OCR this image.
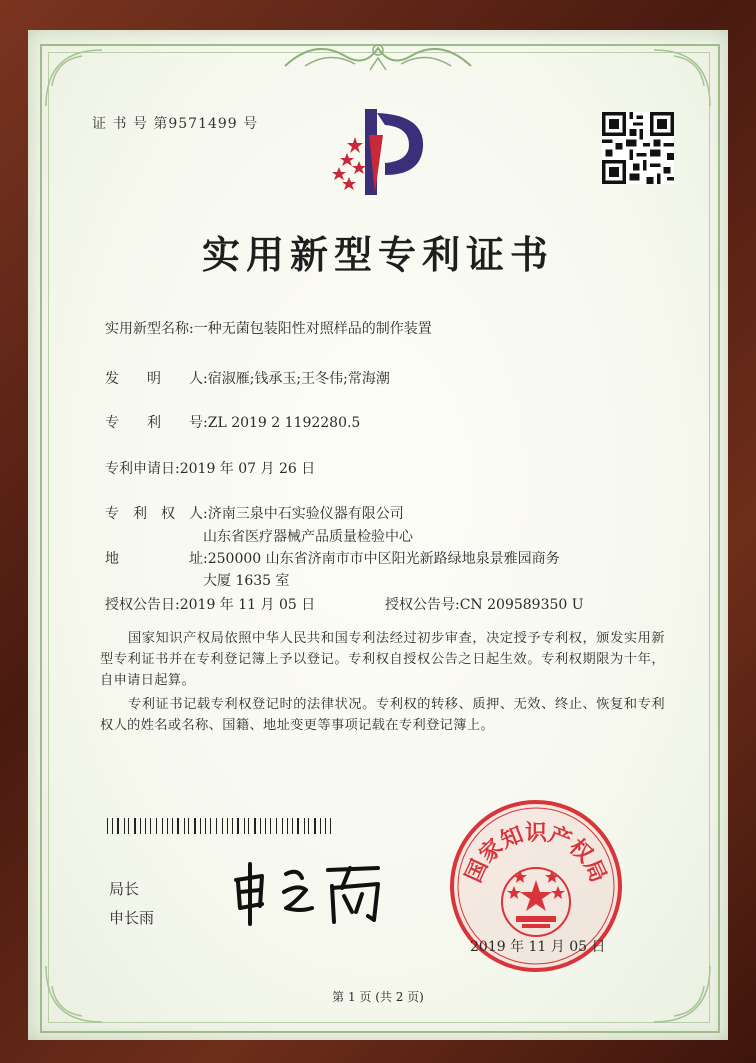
证 书 号 第9571499 号
实用新型专利证书
实用新型名称:一种无菌包装阳性对照样品的制作装置
发　　明　　人:宿淑雁;钱承玉;王冬伟;常海潮
专　　利　　号:ZL 2019 2 1192280.5
专利申请日:2019 年 07 月 26 日
专　利　权　人:济南三泉中石实验仪器有限公司
山东省医疗器械产品质量检验中心
地　　　　　址:250000 山东省济南市市中区阳光新路绿地泉景雅园商务
大厦 1635 室
授权公告日:2019 年 11 月 05 日	授权公告号:CN 209589350 U
国家知识产权局依照中华人民共和国专利法经过初步审查，决定授予专利权，颁发实用新型专利证书并在专利登记簿上予以登记。专利权自授权公告之日起生效。专利权期限为十年，自申请日起算。
专利证书记载专利权登记时的法律状况。专利权的转移、质押、无效、终止、恢复和专利权人的姓名或名称、国籍、地址变更等事项记载在专利登记簿上。
局长
申长雨
国家知识产权局
2019 年 11 月 05 日
第 1 页 (共 2 页)
